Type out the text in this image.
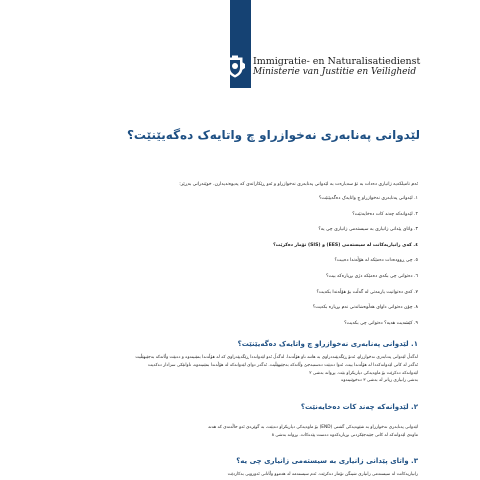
Immigratie- en Naturalisatiedienst
Ministerie van Justitie en Veiligheid
لێدوانی پەنابەری نەخوازراو چ واتایەک دەگەیێنێت؟
ئەم نامیلکەیە زانیاری دەدات بە تۆ سەبارەت بە لێدوانی پەنابەری نەخوازراو و ئەو ڕێکارانەی کە پەیوەندیدارن. خوێنەرانی بەڕێز:
١. لێدوانی پەنابەری نەخوازراو چ واتایەک دەگەیێنێت؟
٢. لێدوانەکە چەند کات دەخایەنێت؟
٣. واتای پێدانی زانیاری بە سیستەمی زانیاری چی یە؟
٤. کەی زانیاریەکانت لە سیستەمی (EES) و (SIS) تۆمار دەکرێت؟
٥. چی ڕوودەدات دەمێکە لە هۆڵەندا دەبیت؟
٦. دەتوانی چی بکەی دەمێکە دژی بڕیارەکە بیت؟
٧. کەی دەتوانیت یارمەتی لە گەڵت بۆ هۆڵەندا بکەیت؟
٨. چۆن دەتوانی داوای هەڵوەشاندنی نەم بڕیارە بکەیت؟
٩. کێشەیت هەیە؟ دەتوانی چی بکەیت؟
١. لێدوانی پەنابەری نەخوازراو چ واتایەک دەگەیێنێت؟
لەگەڵ لێدوانی پەنابەری نەخوازراو، ئەتۆ ڕێگەپێنەدراوی بە هاتنە ناو هۆڵەندا. لەگەڵ ئەو لێدوانەدا ڕێگەپێدراوی کە لە هۆڵەندا بمێنیتەوە و دەبێت وڵاتەکە بەجێبهێڵیت
ئەگەر لە کاتی لێدوانەکەدا لە هۆڵەندا بیت، ئەوا دەبێت دەستبەجێ وڵاتەکە بەجێبهێڵیت. ئەگەر دوای لێدوانەکە لە هۆڵەندا بمێنیتەوە، تاوانێکی سزادار دەکەیت
لێدوانەکە دەکرێت بۆ ماوەیەکی دیاریکراو بێت. بڕوانە بەشی ٢
بەشی زانیاری زیاتر لە بەشی ٣ دەخوێنیتەوە
٢. لێدوانەکە چەند کات دەخایەنێت؟
لێدوانی پەنابەری نەخوازراو بە شێوەیەکی گشتی (END) بۆ ماوەیەکی دیاریکراو دەبێت، بە گوێرەی ئەو حاڵەتەی کە هەتە
ماوەی لێدوانەکە لە کاتی جێبەجێکردنی بڕیارەکەوە دەست پێدەکات. بڕوانە بەشی ٨
٣. واتای پێدانی زانیاری بە سیستەمی زانیاری چی یە؟
زانیاریەکانت لە سیستەمی زانیاری شینگن تۆمار دەکرێت. ئەم سیستەمە لە هەموو وڵاتانی ئەوروپی بەکاردێت
